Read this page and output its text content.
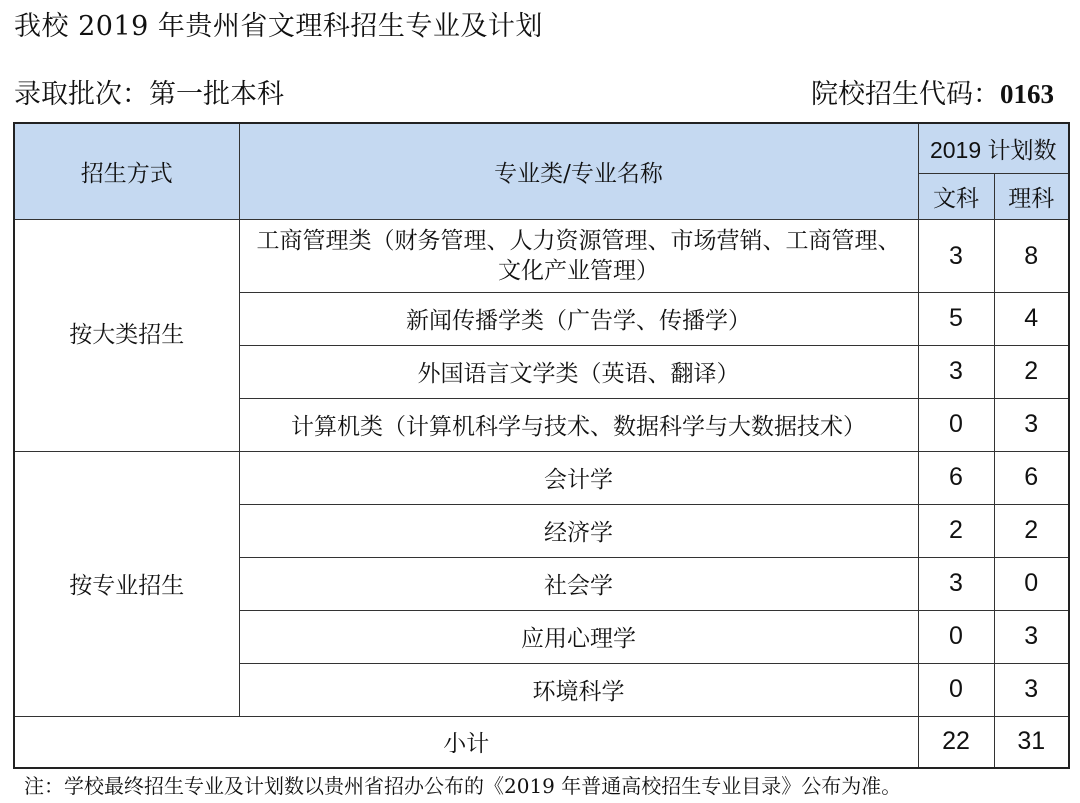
我校 2019 年贵州省文理科招生专业及计划
录取批次：第一批本科	院校招生代码：0163
招生方式	专业类/专业名称	2019 计划数	
		文科	理科
按大类招生	工商管理类（财务管理、人力资源管理、市场营销、工商管理、文化产业管理）	3	8
	新闻传播学类（广告学、传播学）	5	4
	外国语言文学类（英语、翻译）	3	2
	计算机类（计算机科学与技术、数据科学与大数据技术）	0	3
按专业招生	会计学	6	6
	经济学	2	2
	社会学	3	0
	应用心理学	0	3
	环境科学	0	3
小计		22	31
注：学校最终招生专业及计划数以贵州省招办公布的《2019 年普通高校招生专业目录》公布为准。
